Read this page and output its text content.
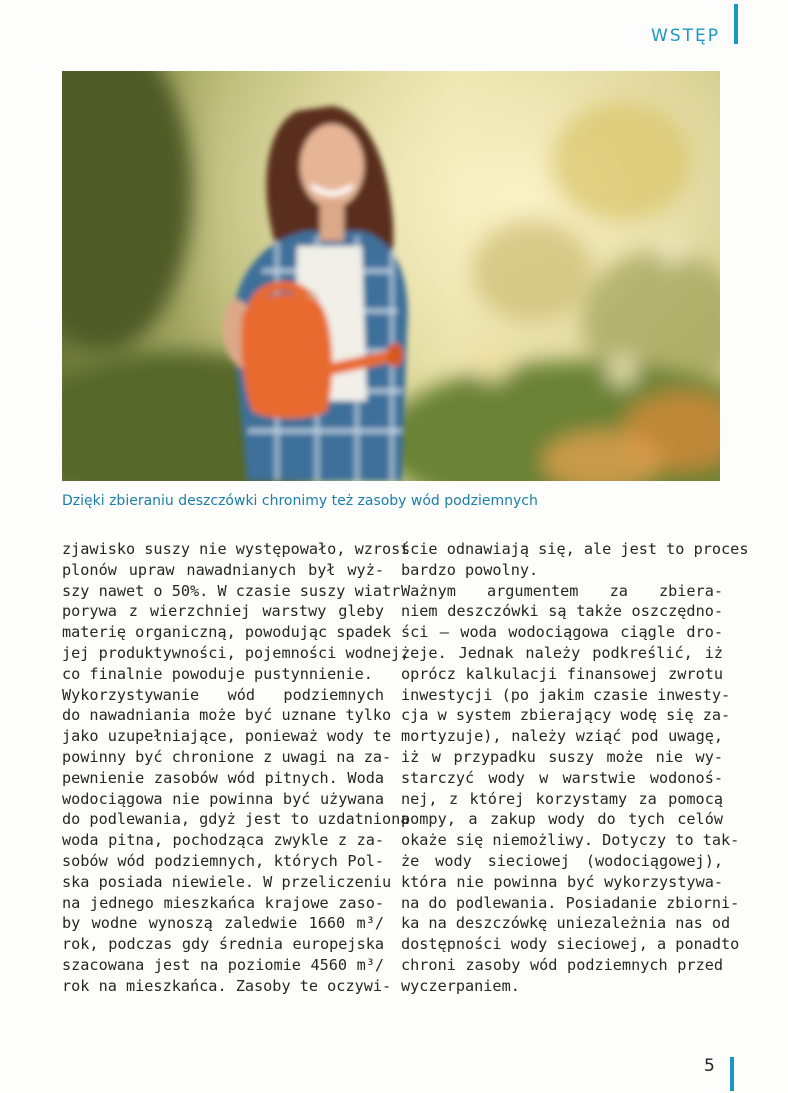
WSTĘP
Dzięki zbieraniu deszczówki chronimy też zasoby wód podziemnych
zjawisko suszy nie występowało, wzrost
plonów upraw nawadnianych był wyż-
szy nawet o 50%. W czasie suszy wiatr
porywa z wierzchniej warstwy gleby
materię organiczną, powodując spadek
jej produktywności, pojemności wodnej,
co finalnie powoduje pustynnienie.
Wykorzystywanie wód podziemnych
do nawadniania może być uznane tylko
jako uzupełniające, ponieważ wody te
powinny być chronione z uwagi na za-
pewnienie zasobów wód pitnych. Woda
wodociągowa nie powinna być używana
do podlewania, gdyż jest to uzdatniona
woda pitna, pochodząca zwykle z za-
sobów wód podziemnych, których Pol-
ska posiada niewiele. W przeliczeniu
na jednego mieszkańca krajowe zaso-
by wodne wynoszą zaledwie 1660 m³/
rok, podczas gdy średnia europejska
szacowana jest na poziomie 4560 m³/
rok na mieszkańca. Zasoby te oczywi-
ście odnawiają się, ale jest to proces
bardzo powolny.
Ważnym argumentem za zbiera-
niem deszczówki są także oszczędno-
ści – woda wodociągowa ciągle dro-
żeje. Jednak należy podkreślić, iż
oprócz kalkulacji finansowej zwrotu
inwestycji (po jakim czasie inwesty-
cja w system zbierający wodę się za-
mortyzuje), należy wziąć pod uwagę,
iż w przypadku suszy może nie wy-
starczyć wody w warstwie wodonoś-
nej, z której korzystamy za pomocą
pompy, a zakup wody do tych celów
okaże się niemożliwy. Dotyczy to tak-
że wody sieciowej (wodociągowej),
która nie powinna być wykorzystywa-
na do podlewania. Posiadanie zbiorni-
ka na deszczówkę uniezależnia nas od
dostępności wody sieciowej, a ponadto
chroni zasoby wód podziemnych przed
wyczerpaniem.
5
